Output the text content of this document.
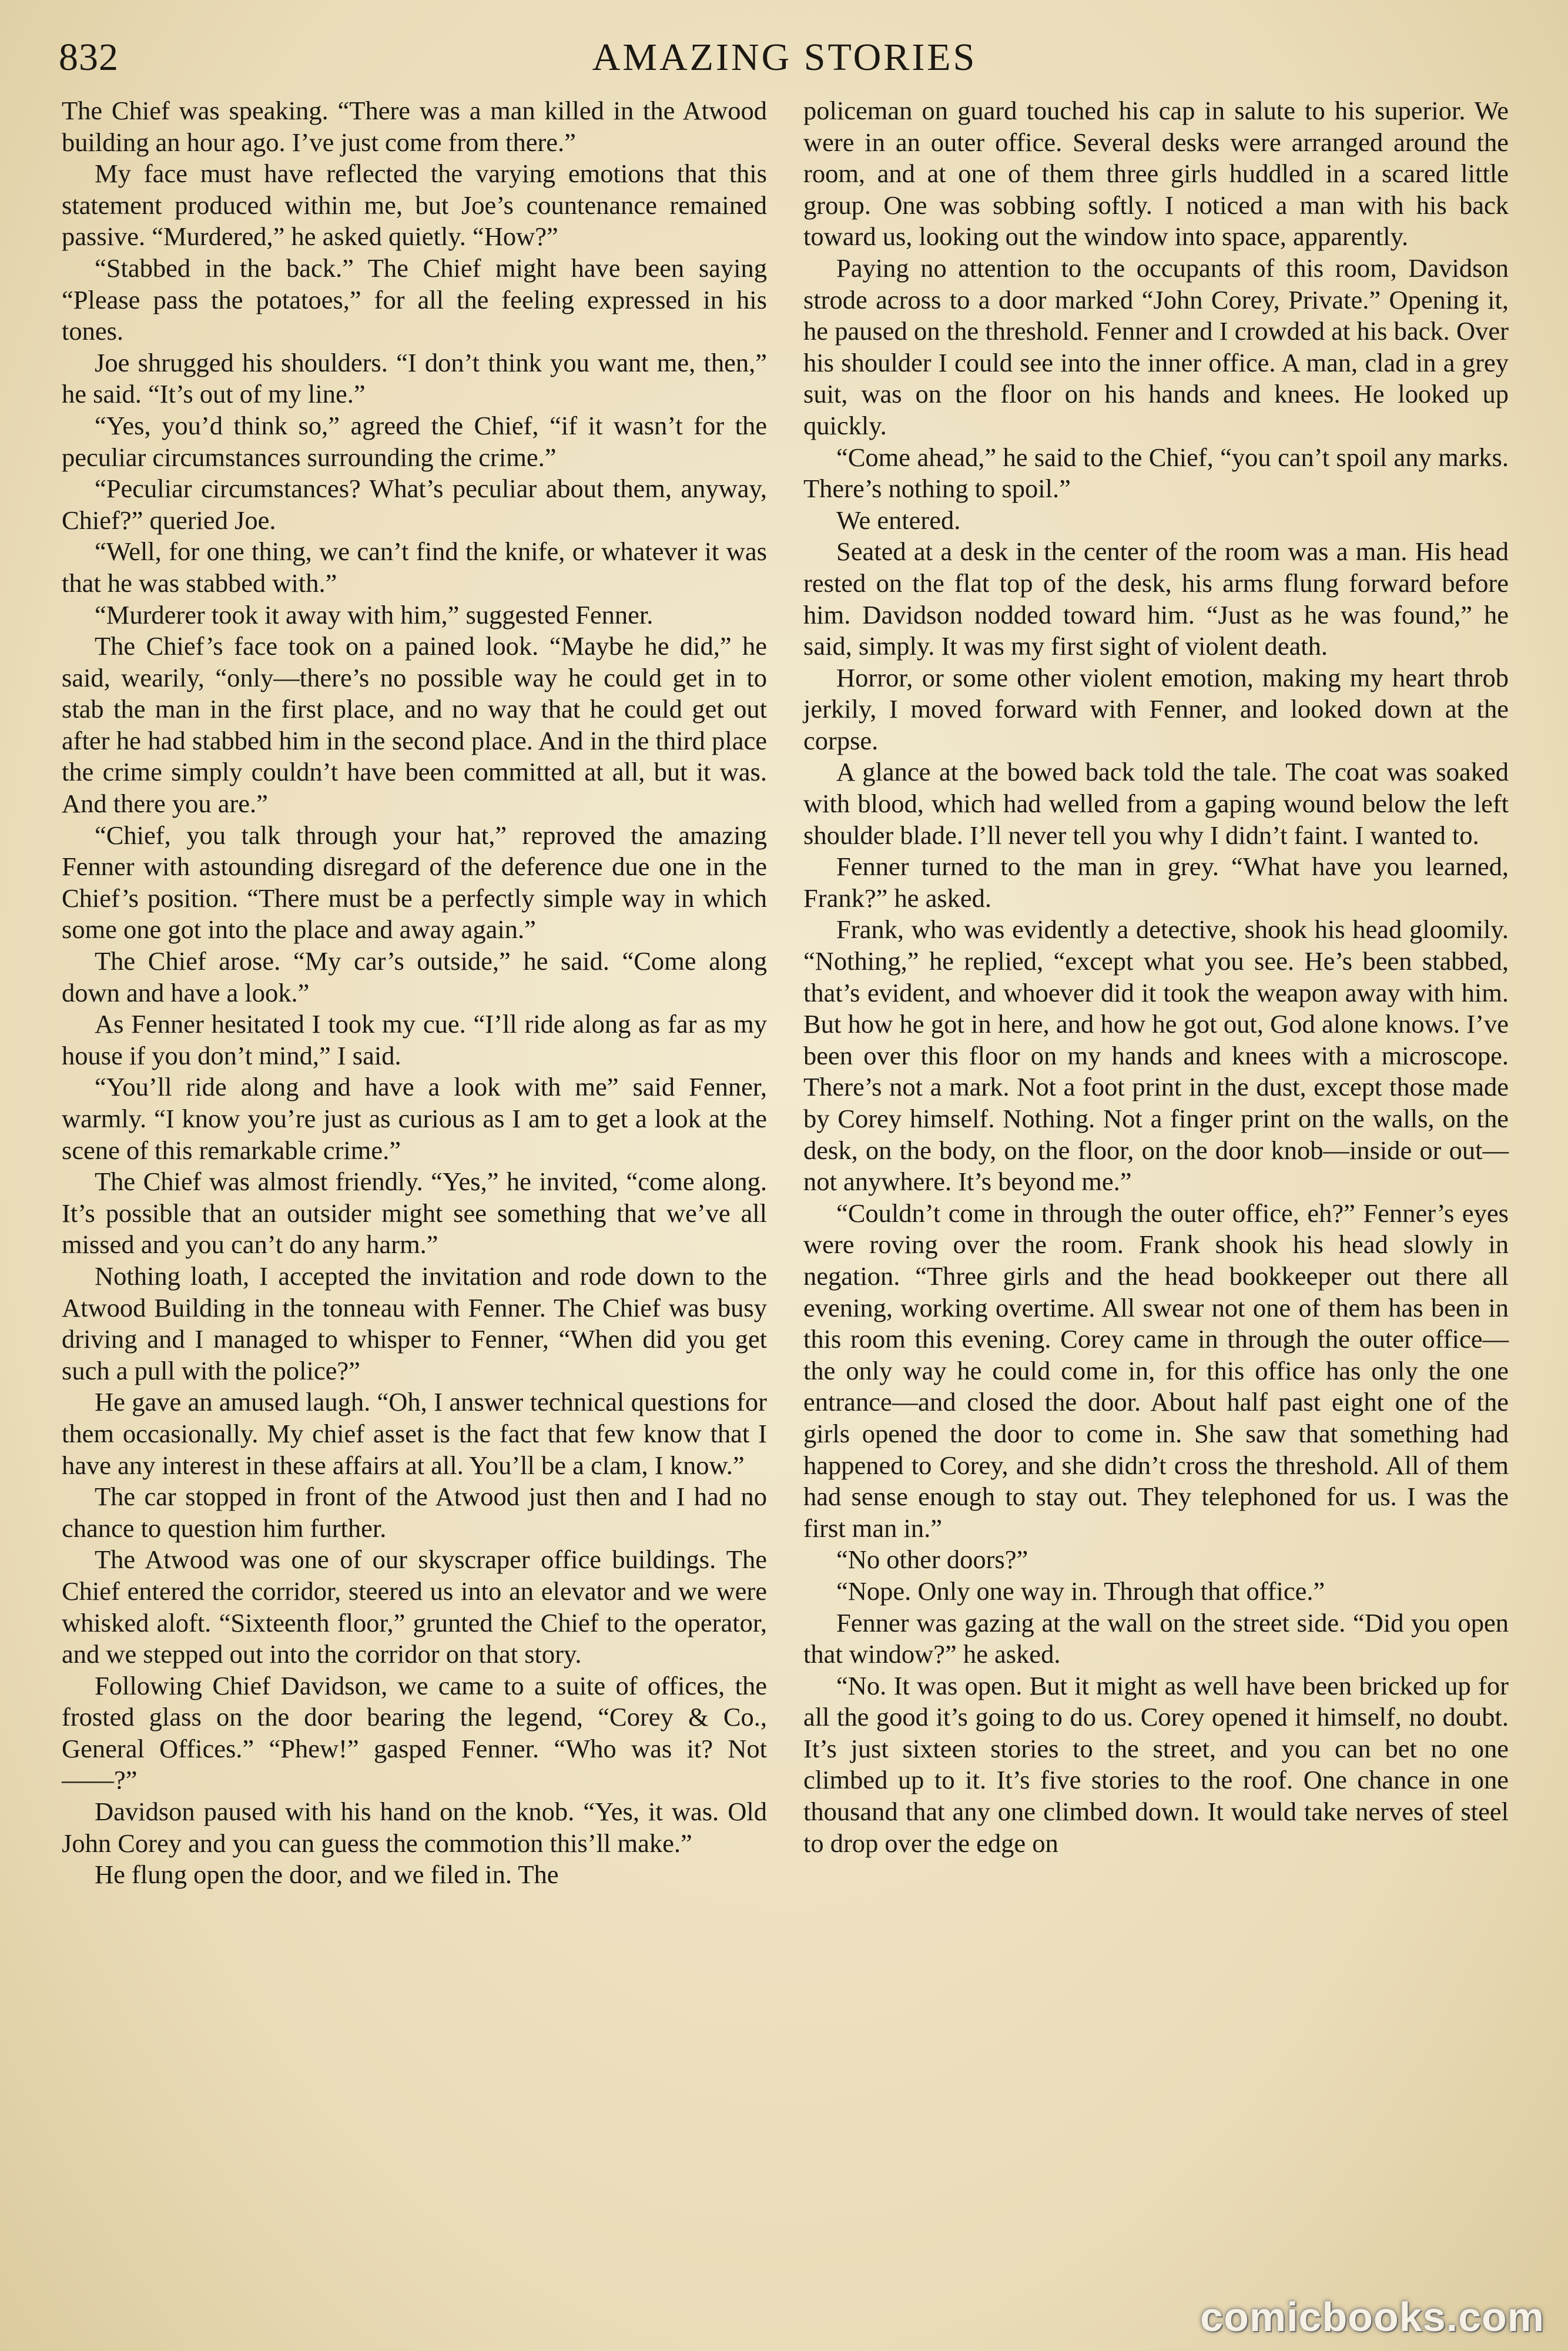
832	AMAZING STORIES

The Chief was speaking. “There was a man killed in the Atwood building an hour ago. I’ve just come from there.”

My face must have reflected the varying emotions that this statement produced within me, but Joe’s countenance remained passive. “Murdered,” he asked quietly. “How?”

“Stabbed in the back.” The Chief might have been saying “Please pass the potatoes,” for all the feeling expressed in his tones.

Joe shrugged his shoulders. “I don’t think you want me, then,” he said. “It’s out of my line.”

“Yes, you’d think so,” agreed the Chief, “if it wasn’t for the peculiar circumstances surrounding the crime.”

“Peculiar circumstances? What’s peculiar about them, anyway, Chief?” queried Joe.

“Well, for one thing, we can’t find the knife, or whatever it was that he was stabbed with.”

“Murderer took it away with him,” suggested Fenner.

The Chief’s face took on a pained look. “Maybe he did,” he said, wearily, “only—there’s no possible way he could get in to stab the man in the first place, and no way that he could get out after he had stabbed him in the second place. And in the third place the crime simply couldn’t have been committed at all, but it was. And there you are.”

“Chief, you talk through your hat,” reproved the amazing Fenner with astounding disregard of the deference due one in the Chief’s position. “There must be a perfectly simple way in which some one got into the place and away again.”

The Chief arose. “My car’s outside,” he said. “Come along down and have a look.”

As Fenner hesitated I took my cue. “I’ll ride along as far as my house if you don’t mind,” I said.

“You’ll ride along and have a look with me” said Fenner, warmly. “I know you’re just as curious as I am to get a look at the scene of this remarkable crime.”

The Chief was almost friendly. “Yes,” he invited, “come along. It’s possible that an outsider might see something that we’ve all missed and you can’t do any harm.”

Nothing loath, I accepted the invitation and rode down to the Atwood Building in the tonneau with Fenner. The Chief was busy driving and I managed to whisper to Fenner, “When did you get such a pull with the police?”

He gave an amused laugh. “Oh, I answer technical questions for them occasionally. My chief asset is the fact that few know that I have any interest in these affairs at all. You’ll be a clam, I know.”

The car stopped in front of the Atwood just then and I had no chance to question him further.

The Atwood was one of our skyscraper office buildings. The Chief entered the corridor, steered us into an elevator and we were whisked aloft. “Sixteenth floor,” grunted the Chief to the operator, and we stepped out into the corridor on that story.

Following Chief Davidson, we came to a suite of offices, the frosted glass on the door bearing the legend, “Corey & Co., General Offices.” “Phew!” gasped Fenner. “Who was it? Not——?”

Davidson paused with his hand on the knob. “Yes, it was. Old John Corey and you can guess the commotion this’ll make.”

He flung open the door, and we filed in. The

policeman on guard touched his cap in salute to his superior. We were in an outer office. Several desks were arranged around the room, and at one of them three girls huddled in a scared little group. One was sobbing softly. I noticed a man with his back toward us, looking out the window into space, apparently.

Paying no attention to the occupants of this room, Davidson strode across to a door marked “John Corey, Private.” Opening it, he paused on the threshold. Fenner and I crowded at his back. Over his shoulder I could see into the inner office. A man, clad in a grey suit, was on the floor on his hands and knees. He looked up quickly.

“Come ahead,” he said to the Chief, “you can’t spoil any marks. There’s nothing to spoil.”

We entered.

Seated at a desk in the center of the room was a man. His head rested on the flat top of the desk, his arms flung forward before him. Davidson nodded toward him. “Just as he was found,” he said, simply. It was my first sight of violent death.

Horror, or some other violent emotion, making my heart throb jerkily, I moved forward with Fenner, and looked down at the corpse.

A glance at the bowed back told the tale. The coat was soaked with blood, which had welled from a gaping wound below the left shoulder blade. I’ll never tell you why I didn’t faint. I wanted to.

Fenner turned to the man in grey. “What have you learned, Frank?” he asked.

Frank, who was evidently a detective, shook his head gloomily. “Nothing,” he replied, “except what you see. He’s been stabbed, that’s evident, and whoever did it took the weapon away with him. But how he got in here, and how he got out, God alone knows. I’ve been over this floor on my hands and knees with a microscope. There’s not a mark. Not a foot print in the dust, except those made by Corey himself. Nothing. Not a finger print on the walls, on the desk, on the body, on the floor, on the door knob—inside or out—not anywhere. It’s beyond me.”

“Couldn’t come in through the outer office, eh?” Fenner’s eyes were roving over the room. Frank shook his head slowly in negation. “Three girls and the head bookkeeper out there all evening, working overtime. All swear not one of them has been in this room this evening. Corey came in through the outer office—the only way he could come in, for this office has only the one entrance—and closed the door. About half past eight one of the girls opened the door to come in. She saw that something had happened to Corey, and she didn’t cross the threshold. All of them had sense enough to stay out. They telephoned for us. I was the first man in.”

“No other doors?”

“Nope. Only one way in. Through that office.”

Fenner was gazing at the wall on the street side. “Did you open that window?” he asked.

“No. It was open. But it might as well have been bricked up for all the good it’s going to do us. Corey opened it himself, no doubt. It’s just sixteen stories to the street, and you can bet no one climbed up to it. It’s five stories to the roof. One chance in one thousand that any one climbed down. It would take nerves of steel to drop over the edge on

comicbooks.com
